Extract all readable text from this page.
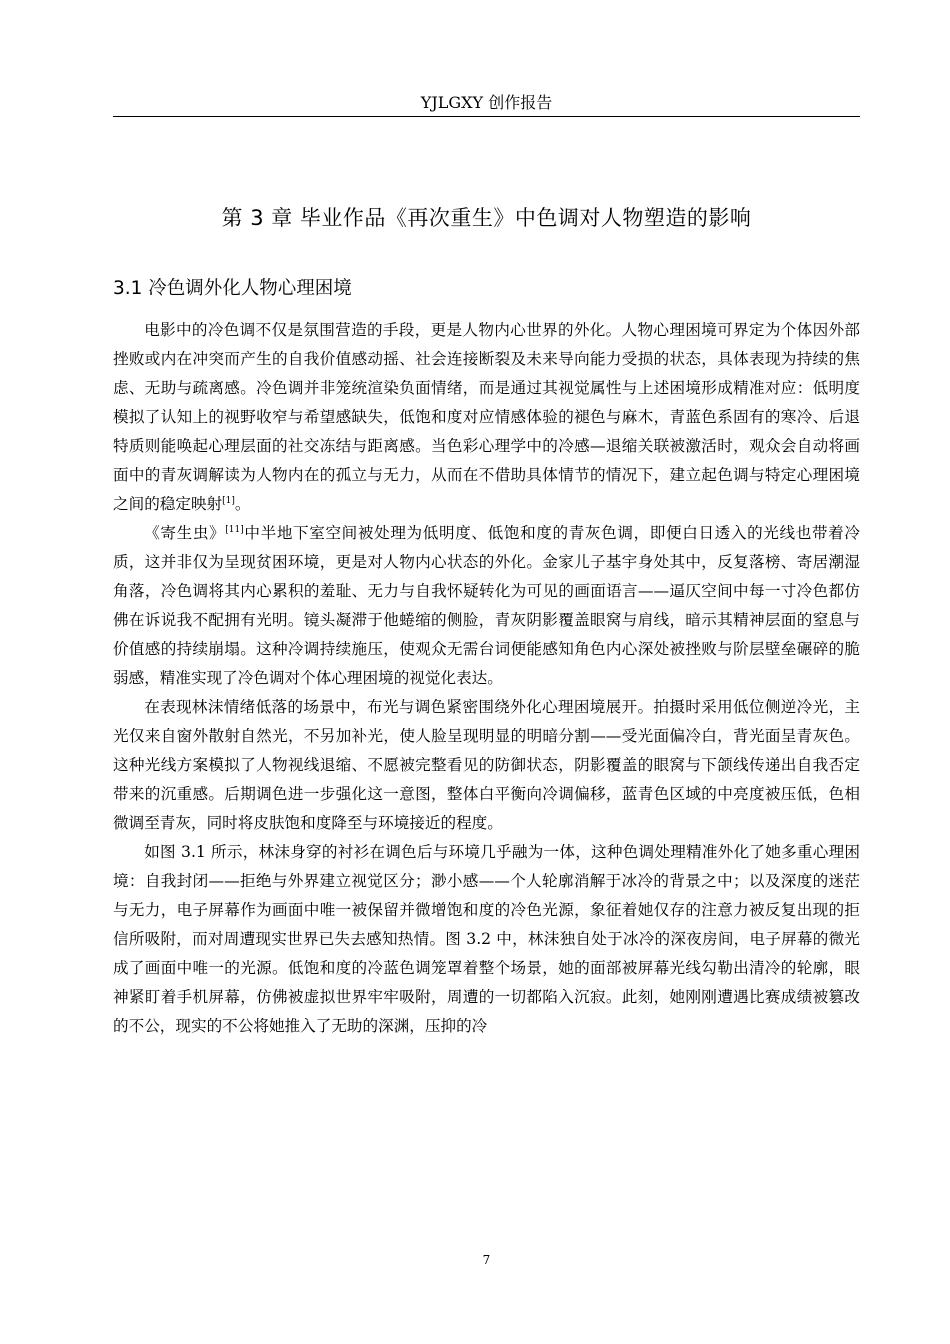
YJLGXY 创作报告
第 3 章 毕业作品《再次重生》中色调对人物塑造的影响
3.1 冷色调外化人物心理困境

电影中的冷色调不仅是氛围营造的手段，更是人物内心世界的外化。人物心理困境可界定为个体因外部挫败或内在冲突而产生的自我价值感动摇、社会连接断裂及未来导向能力受损的状态，具体表现为持续的焦虑、无助与疏离感。冷色调并非笼统渲染负面情绪，而是通过其视觉属性与上述困境形成精准对应：低明度模拟了认知上的视野收窄与希望感缺失，低饱和度对应情感体验的褪色与麻木，青蓝色系固有的寒冷、后退特质则能唤起心理层面的社交冻结与距离感。当色彩心理学中的冷感—退缩关联被激活时，观众会自动将画面中的青灰调解读为人物内在的孤立与无力，从而在不借助具体情节的情况下，建立起色调与特定心理困境之间的稳定映射[1]。

《寄生虫》[11]中半地下室空间被处理为低明度、低饱和度的青灰色调，即便白日透入的光线也带着冷质，这并非仅为呈现贫困环境，更是对人物内心状态的外化。金家儿子基宇身处其中，反复落榜、寄居潮湿角落，冷色调将其内心累积的羞耻、无力与自我怀疑转化为可见的画面语言——逼仄空间中每一寸冷色都仿佛在诉说我不配拥有光明。镜头凝滞于他蜷缩的侧脸，青灰阴影覆盖眼窝与肩线，暗示其精神层面的窒息与价值感的持续崩塌。这种冷调持续施压，使观众无需台词便能感知角色内心深处被挫败与阶层壁垒碾碎的脆弱感，精准实现了冷色调对个体心理困境的视觉化表达。

在表现林沫情绪低落的场景中，布光与调色紧密围绕外化心理困境展开。拍摄时采用低位侧逆冷光，主光仅来自窗外散射自然光，不另加补光，使人脸呈现明显的明暗分割——受光面偏冷白，背光面呈青灰色。这种光线方案模拟了人物视线退缩、不愿被完整看见的防御状态，阴影覆盖的眼窝与下颌线传递出自我否定带来的沉重感。后期调色进一步强化这一意图，整体白平衡向冷调偏移，蓝青色区域的中亮度被压低，色相微调至青灰，同时将皮肤饱和度降至与环境接近的程度。

如图 3.1 所示，林沫身穿的衬衫在调色后与环境几乎融为一体，这种色调处理精准外化了她多重心理困境：自我封闭——拒绝与外界建立视觉区分；渺小感——个人轮廓消解于冰冷的背景之中；以及深度的迷茫与无力，电子屏幕作为画面中唯一被保留并微增饱和度的冷色光源，象征着她仅存的注意力被反复出现的拒信所吸附，而对周遭现实世界已失去感知热情。图 3.2 中，林沫独自处于冰冷的深夜房间，电子屏幕的微光成了画面中唯一的光源。低饱和度的冷蓝色调笼罩着整个场景，她的面部被屏幕光线勾勒出清冷的轮廓，眼神紧盯着手机屏幕，仿佛被虚拟世界牢牢吸附，周遭的一切都陷入沉寂。此刻，她刚刚遭遇比赛成绩被篡改的不公，现实的不公将她推入了无助的深渊，压抑的冷

7
